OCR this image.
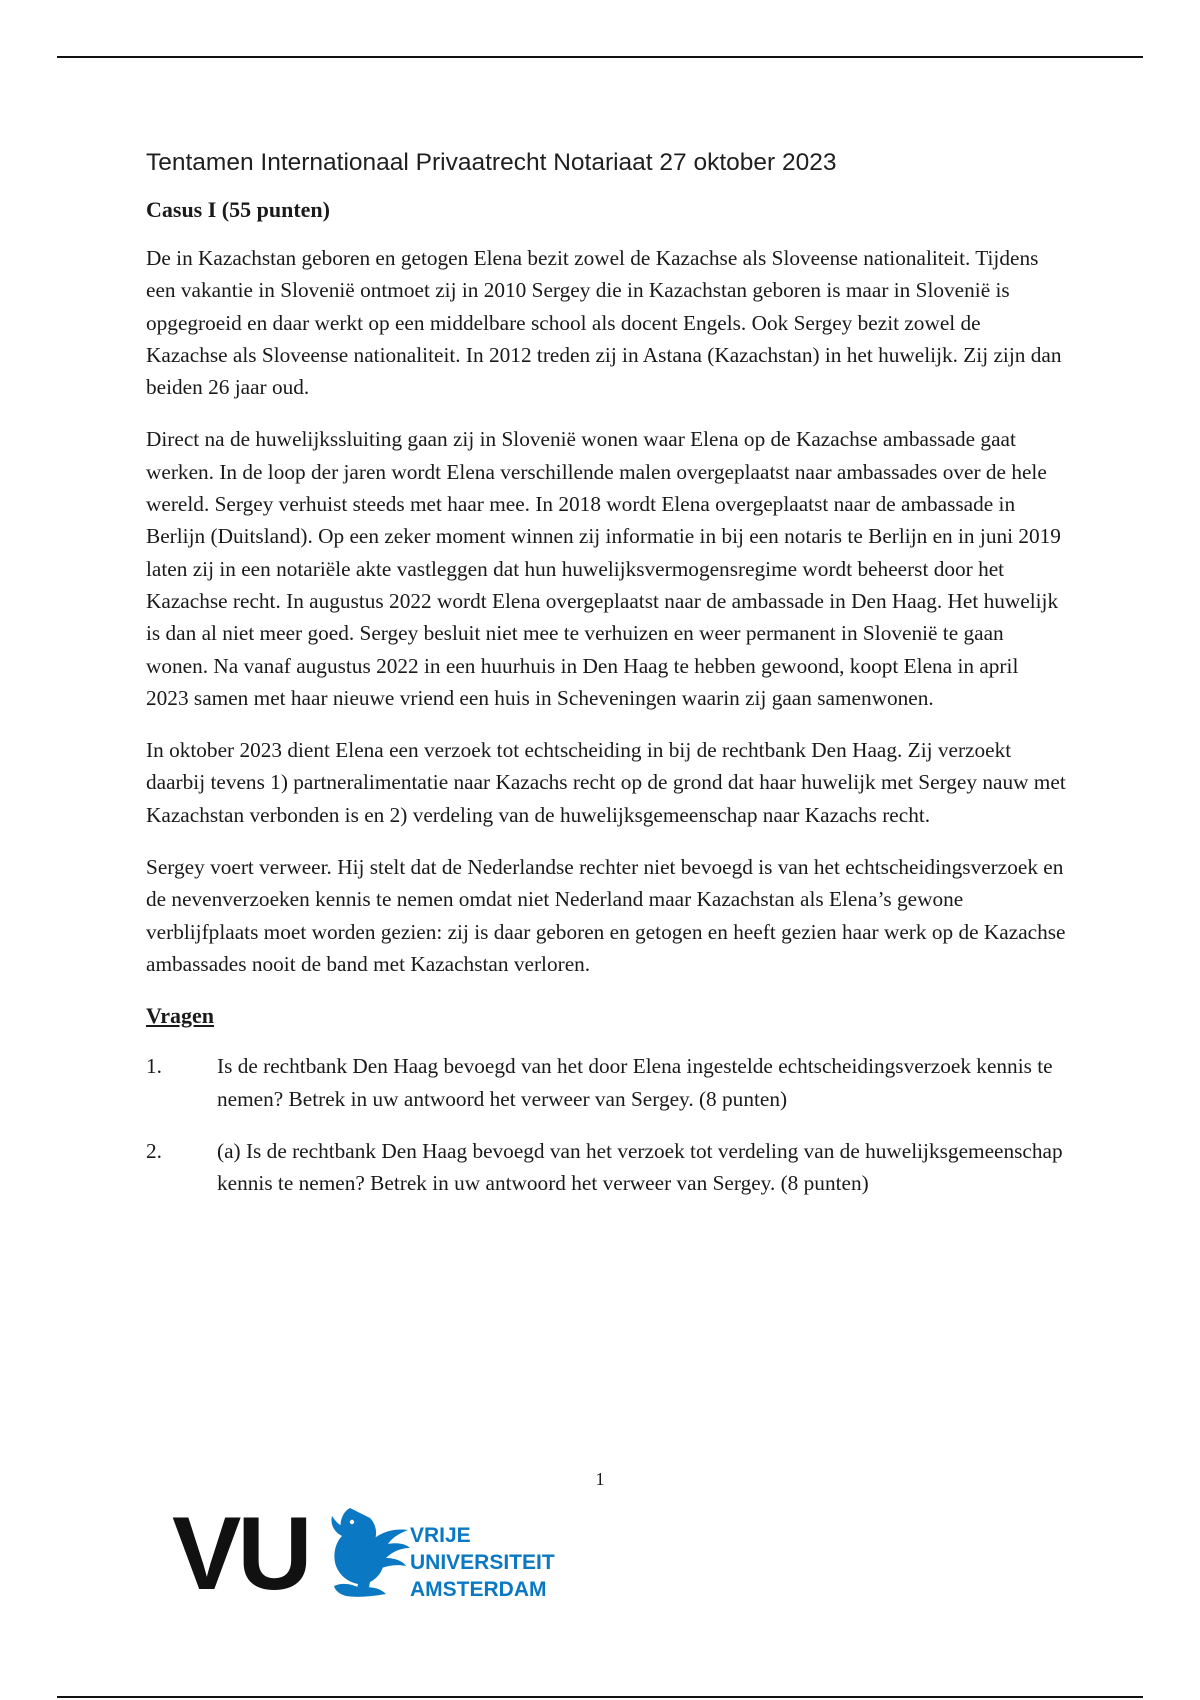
Tentamen Internationaal Privaatrecht Notariaat 27 oktober 2023
Casus I (55 punten)

De in Kazachstan geboren en getogen Elena bezit zowel de Kazachse als Sloveense nationaliteit. Tijdens een vakantie in Slovenië ontmoet zij in 2010 Sergey die in Kazachstan geboren is maar in Slovenië is opgegroeid en daar werkt op een middelbare school als docent Engels. Ook Sergey bezit zowel de Kazachse als Sloveense nationaliteit. In 2012 treden zij in Astana (Kazachstan) in het huwelijk. Zij zijn dan beiden 26 jaar oud.

Direct na de huwelijkssluiting gaan zij in Slovenië wonen waar Elena op de Kazachse ambassade gaat werken. In de loop der jaren wordt Elena verschillende malen overgeplaatst naar ambassades over de hele wereld. Sergey verhuist steeds met haar mee. In 2018 wordt Elena overgeplaatst naar de ambassade in Berlijn (Duitsland). Op een zeker moment winnen zij informatie in bij een notaris te Berlijn en in juni 2019 laten zij in een notariële akte vastleggen dat hun huwelijksvermogensregime wordt beheerst door het Kazachse recht. In augustus 2022 wordt Elena overgeplaatst naar de ambassade in Den Haag. Het huwelijk is dan al niet meer goed. Sergey besluit niet mee te verhuizen en weer permanent in Slovenië te gaan wonen. Na vanaf augustus 2022 in een huurhuis in Den Haag te hebben gewoond, koopt Elena in april 2023 samen met haar nieuwe vriend een huis in Scheveningen waarin zij gaan samenwonen.

In oktober 2023 dient Elena een verzoek tot echtscheiding in bij de rechtbank Den Haag. Zij verzoekt daarbij tevens 1) partneralimentatie naar Kazachs recht op de grond dat haar huwelijk met Sergey nauw met Kazachstan verbonden is en 2) verdeling van de huwelijksgemeenschap naar Kazachs recht.

Sergey voert verweer. Hij stelt dat de Nederlandse rechter niet bevoegd is van het echtscheidingsverzoek en de nevenverzoeken kennis te nemen omdat niet Nederland maar Kazachstan als Elena’s gewone verblijfplaats moet worden gezien: zij is daar geboren en getogen en heeft gezien haar werk op de Kazachse ambassades nooit de band met Kazachstan verloren.

Vragen
1.	Is de rechtbank Den Haag bevoegd van het door Elena ingestelde echtscheidingsverzoek kennis te nemen? Betrek in uw antwoord het verweer van Sergey. (8 punten)
2.	(a) Is de rechtbank Den Haag bevoegd van het verzoek tot verdeling van de huwelijksgemeenschap kennis te nemen? Betrek in uw antwoord het verweer van Sergey. (8 punten)
1
VU	VRIJE
UNIVERSITEIT
AMSTERDAM
